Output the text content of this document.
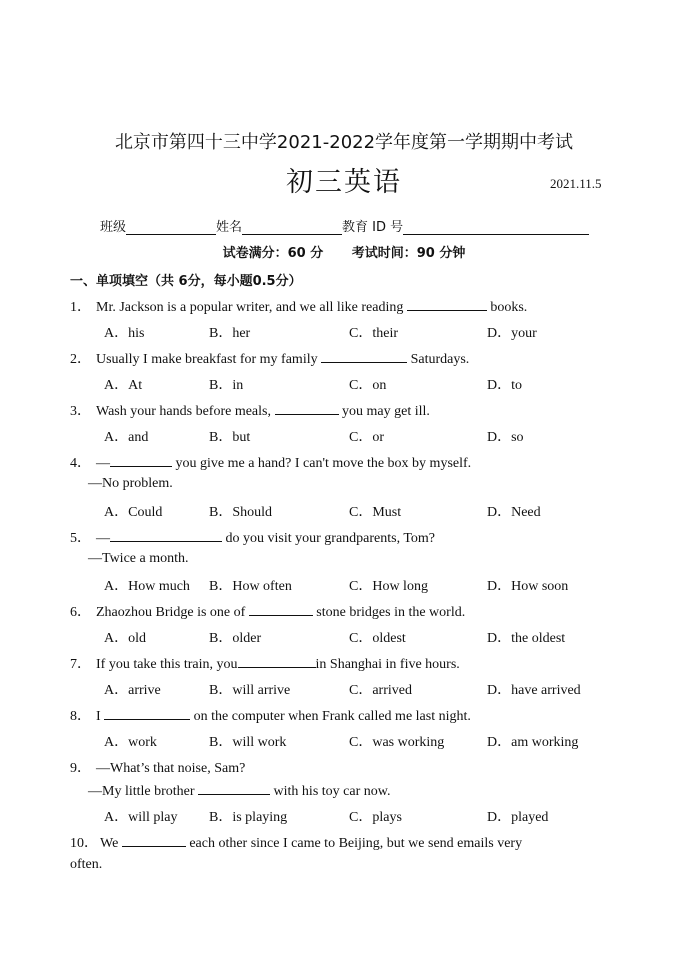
北京市第四十三中学2021-2022学年度第一学期期中考试
初三英语	2021.11.5
班级	姓名	教育 ID 号
试卷满分：60 分 考试时间：90 分钟
一、单项填空（共 6分，每小题0.5分）
1． Mr. Jackson is a popular writer, and we all like reading	books.
A．his	B．her	C．their	D．your
2． Usually I make breakfast for my family	Saturdays.
A．At	B．in	C．on	D．to
3． Wash your hands before meals,	you may get ill.
A．and	B．but	C．or	D．so
4． —	you give me a hand? I can't move the box by myself.
—No problem.
A．Could	B．Should	C．Must	D．Need
5． —	do you visit your grandparents, Tom?
—Twice a month.
A．How much B．How often	C．How long	D．How soon
6． Zhaozhou Bridge is one of	stone bridges in the world.
A．old	B．older	C．oldest	D．the oldest
7． If you take this train, you	in Shanghai in five hours.
A．arrive	B．will arrive	C．arrived	D．have arrived
8． I	on the computer when Frank called me last night.
A．work	B．will work	C．was working	D．am working
9． —What’s that noise, Sam?
—My little brother	with his toy car now.
A．will play B．is playing	C．plays	D．played
10． We	each other since I came to Beijing, but we send emails very
often.
